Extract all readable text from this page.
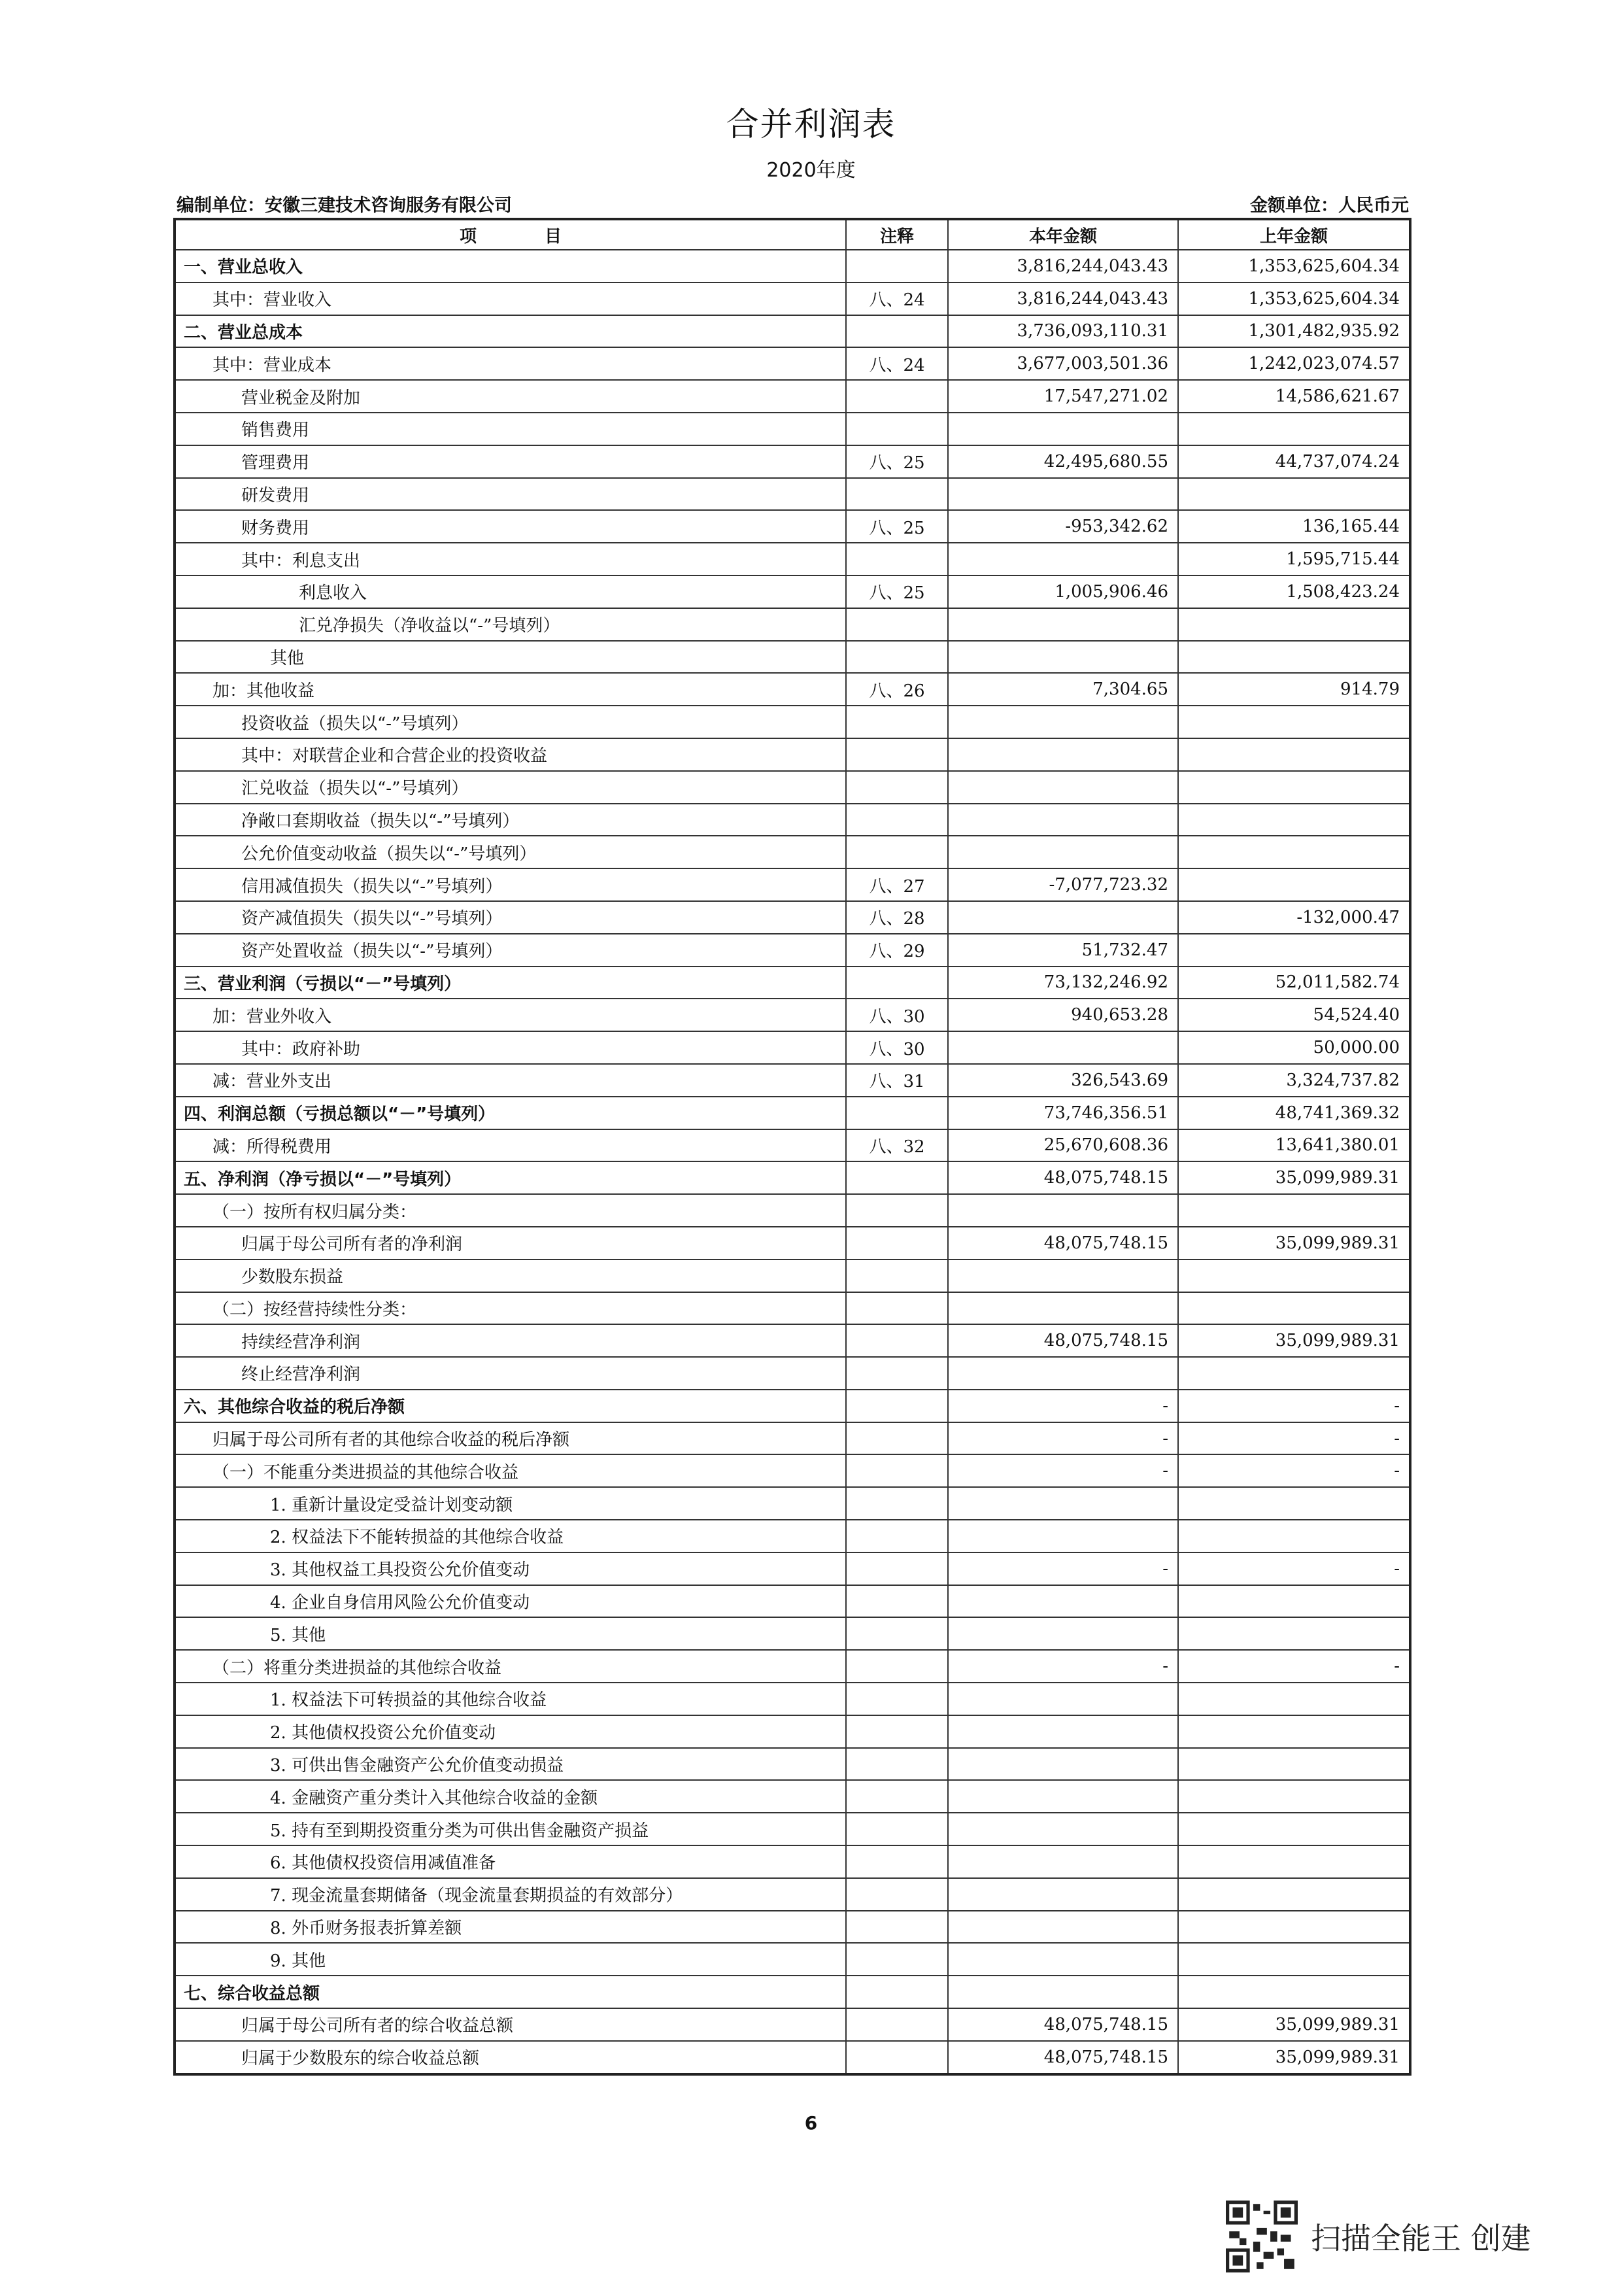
合并利润表
2020年度
编制单位：安徽三建技术咨询服务有限公司	金额单位：人民币元
项　　　　目	注释	本年金额	上年金额
一、营业总收入		3,816,244,043.43	1,353,625,604.34
其中：营业收入	八、24	3,816,244,043.43	1,353,625,604.34
二、营业总成本		3,736,093,110.31	1,301,482,935.92
其中：营业成本	八、24	3,677,003,501.36	1,242,023,074.57
营业税金及附加		17,547,271.02	14,586,621.67
销售费用			
管理费用	八、25	42,495,680.55	44,737,074.24
研发费用			
财务费用	八、25	-953,342.62	136,165.44
其中：利息支出			1,595,715.44
利息收入	八、25	1,005,906.46	1,508,423.24
汇兑净损失（净收益以“-”号填列）			
其他			
加：其他收益	八、26	7,304.65	914.79
投资收益（损失以“-”号填列）			
其中：对联营企业和合营企业的投资收益			
汇兑收益（损失以“-”号填列）			
净敞口套期收益（损失以“-”号填列）			
公允价值变动收益（损失以“-”号填列）			
信用减值损失（损失以“-”号填列）	八、27	-7,077,723.32	
资产减值损失（损失以“-”号填列）	八、28		-132,000.47
资产处置收益（损失以“-”号填列）	八、29	51,732.47	
三、营业利润（亏损以“－”号填列）		73,132,246.92	52,011,582.74
加：营业外收入	八、30	940,653.28	54,524.40
其中：政府补助	八、30		50,000.00
减：营业外支出	八、31	326,543.69	3,324,737.82
四、利润总额（亏损总额以“－”号填列）		73,746,356.51	48,741,369.32
减：所得税费用	八、32	25,670,608.36	13,641,380.01
五、净利润（净亏损以“－”号填列）		48,075,748.15	35,099,989.31
（一）按所有权归属分类：			
归属于母公司所有者的净利润		48,075,748.15	35,099,989.31
少数股东损益			
（二）按经营持续性分类：			
持续经营净利润		48,075,748.15	35,099,989.31
终止经营净利润			
六、其他综合收益的税后净额		-	-
归属于母公司所有者的其他综合收益的税后净额		-	-
（一）不能重分类进损益的其他综合收益		-	-
1. 重新计量设定受益计划变动额			
2. 权益法下不能转损益的其他综合收益			
3. 其他权益工具投资公允价值变动		-	-
4. 企业自身信用风险公允价值变动			
5. 其他			
（二）将重分类进损益的其他综合收益		-	-
1. 权益法下可转损益的其他综合收益			
2. 其他债权投资公允价值变动			
3. 可供出售金融资产公允价值变动损益			
4. 金融资产重分类计入其他综合收益的金额			
5. 持有至到期投资重分类为可供出售金融资产损益			
6. 其他债权投资信用减值准备			
7. 现金流量套期储备（现金流量套期损益的有效部分）			
8. 外币财务报表折算差额			
9. 其他			
七、综合收益总额			
归属于母公司所有者的综合收益总额		48,075,748.15	35,099,989.31
归属于少数股东的综合收益总额		48,075,748.15	35,099,989.31
6
扫描全能王 创建
